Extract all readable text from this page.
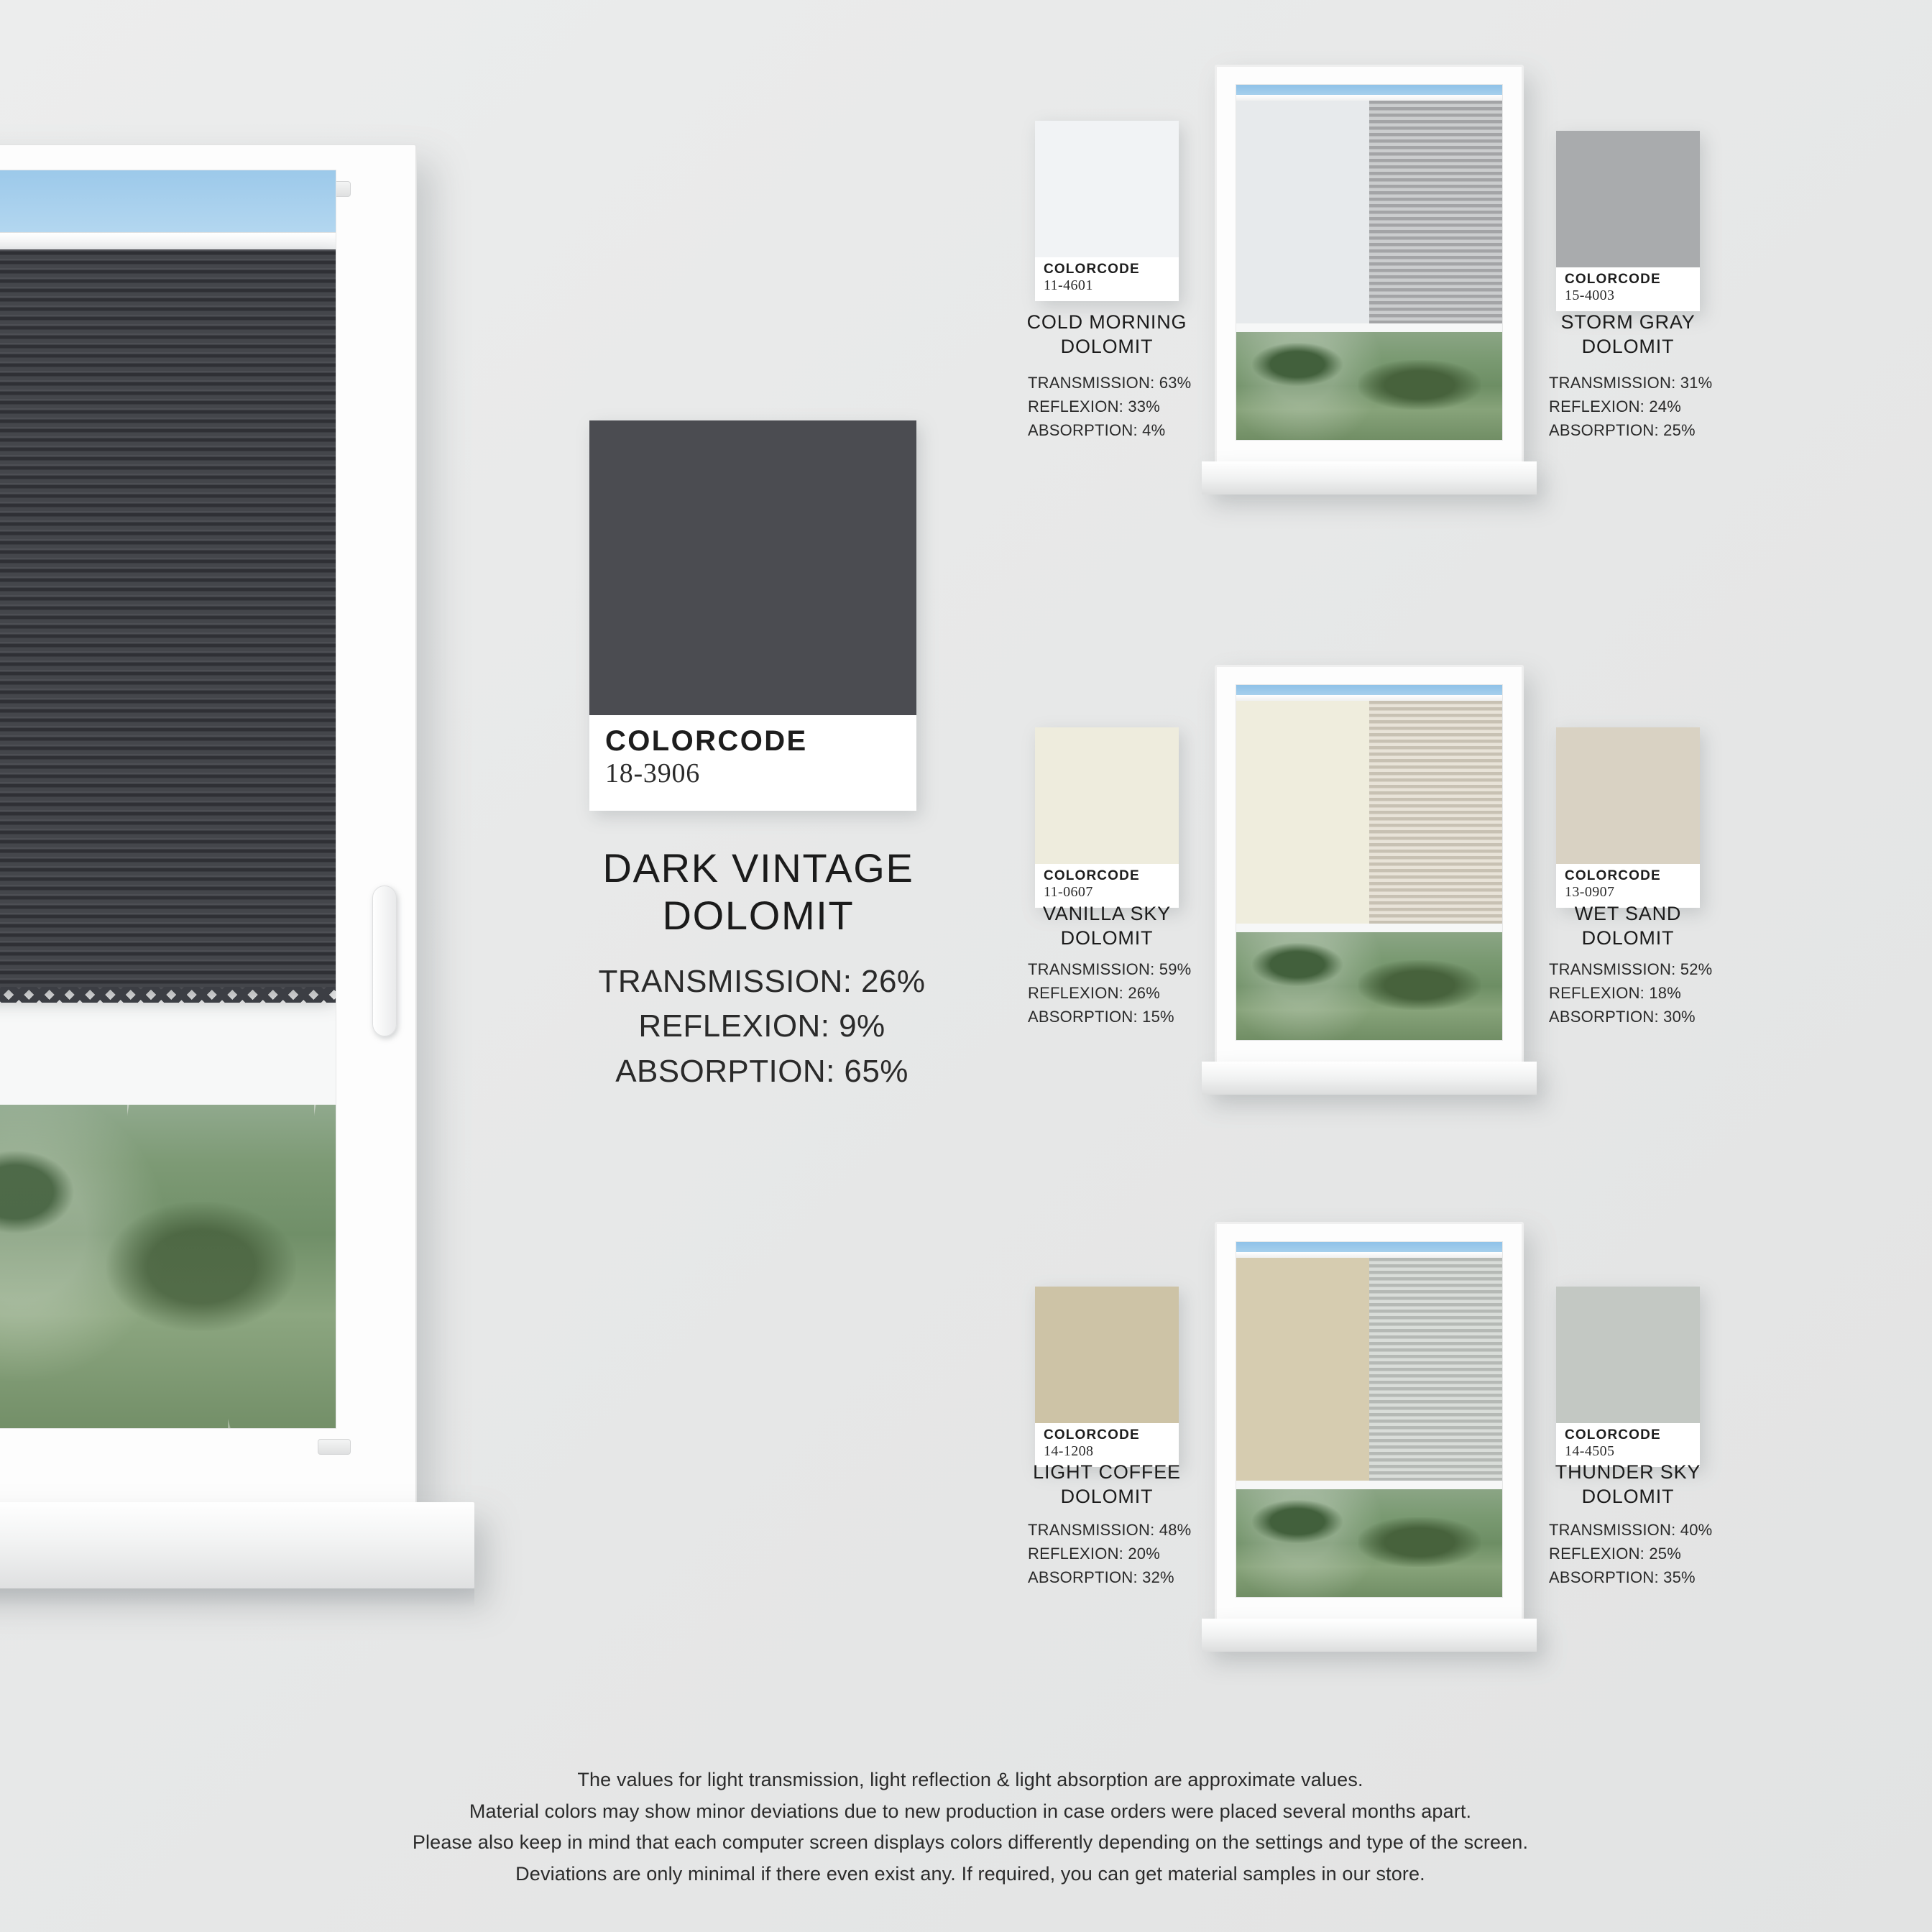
COLORCODE
18-3906
DARK VINTAGE
DOLOMIT
TRANSMISSION: 26%
REFLEXION: 9%
ABSORPTION: 65%
COLORCODE
11-4601
COLD MORNING
DOLOMIT
TRANSMISSION: 63%
REFLEXION: 33%
ABSORPTION: 4%
COLORCODE
15-4003
STORM GRAY
DOLOMIT
TRANSMISSION: 31%
REFLEXION: 24%
ABSORPTION: 25%
COLORCODE
11-0607
VANILLA SKY
DOLOMIT
TRANSMISSION: 59%
REFLEXION: 26%
ABSORPTION: 15%
COLORCODE
13-0907
WET SAND
DOLOMIT
TRANSMISSION: 52%
REFLEXION: 18%
ABSORPTION: 30%
COLORCODE
14-1208
LIGHT COFFEE
DOLOMIT
TRANSMISSION: 48%
REFLEXION: 20%
ABSORPTION: 32%
COLORCODE
14-4505
THUNDER SKY
DOLOMIT
TRANSMISSION: 40%
REFLEXION: 25%
ABSORPTION: 35%
The values for light transmission, light reflection & light absorption are approximate values.
Material colors may show minor deviations due to new production in case orders were placed several months apart.
Please also keep in mind that each computer screen displays colors differently depending on the settings and type of the screen.
Deviations are only minimal if there even exist any. If required, you can get material samples in our store.
